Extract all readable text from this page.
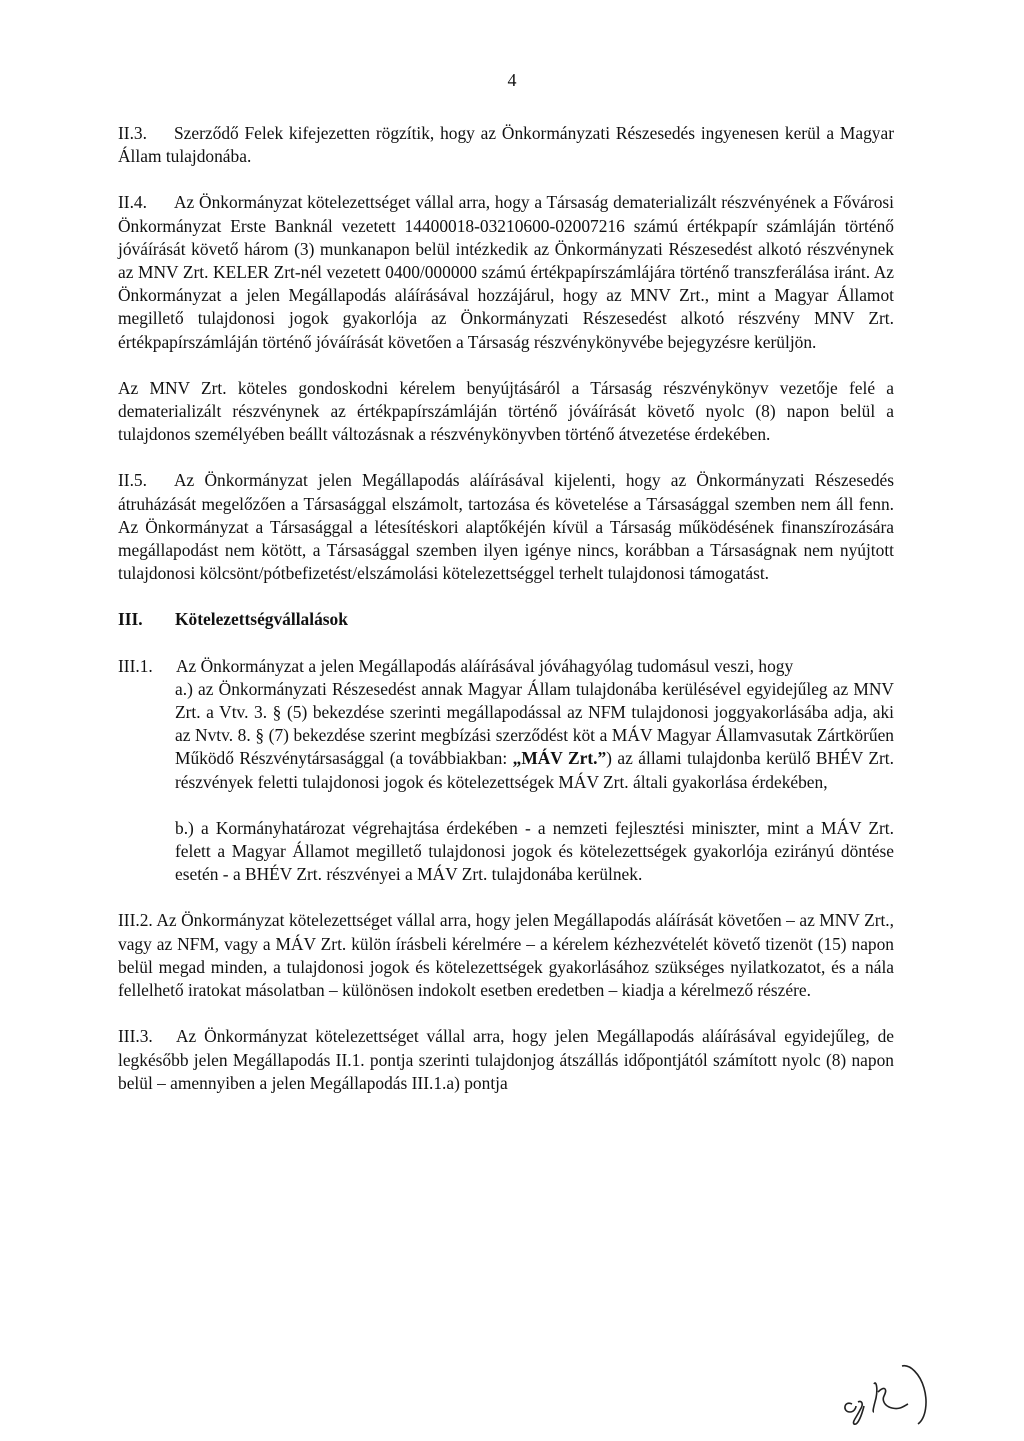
4

II.3. Szerződő Felek kifejezetten rögzítik, hogy az Önkormányzati Részesedés ingyenesen kerül a Magyar Állam tulajdonába.

II.4. Az Önkormányzat kötelezettséget vállal arra, hogy a Társaság dematerializált részvényének a Fővárosi Önkormányzat Erste Banknál vezetett 14400018-03210600-02007216 számú értékpapír számláján történő jóváírását követő három (3) munkanapon belül intézkedik az Önkormányzati Részesedést alkotó részvénynek az MNV Zrt. KELER Zrt-nél vezetett 0400/000000 számú értékpapírszámlájára történő transzferálása iránt. Az Önkormányzat a jelen Megállapodás aláírásával hozzájárul, hogy az MNV Zrt., mint a Magyar Államot megillető tulajdonosi jogok gyakorlója az Önkormányzati Részesedést alkotó részvény MNV Zrt. értékpapírszámláján történő jóváírását követően a Társaság részvénykönyvébe bejegyzésre kerüljön.

Az MNV Zrt. köteles gondoskodni kérelem benyújtásáról a Társaság részvénykönyv vezetője felé a dematerializált részvénynek az értékpapírszámláján történő jóváírását követő nyolc (8) napon belül a tulajdonos személyében beállt változásnak a részvénykönyvben történő átvezetése érdekében.

II.5. Az Önkormányzat jelen Megállapodás aláírásával kijelenti, hogy az Önkormányzati Részesedés átruházását megelőzően a Társasággal elszámolt, tartozása és követelése a Társasággal szemben nem áll fenn. Az Önkormányzat a Társasággal a létesítéskori alaptőkéjén kívül a Társaság működésének finanszírozására megállapodást nem kötött, a Társasággal szemben ilyen igénye nincs, korábban a Társaságnak nem nyújtott tulajdonosi kölcsönt/pótbefizetést/elszámolási kötelezettséggel terhelt tulajdonosi támogatást.

III. Kötelezettségvállalások

III.1. Az Önkormányzat a jelen Megállapodás aláírásával jóváhagyólag tudomásul veszi, hogy

a.) az Önkormányzati Részesedést annak Magyar Állam tulajdonába kerülésével egyidejűleg az MNV Zrt. a Vtv. 3. § (5) bekezdése szerinti megállapodással az NFM tulajdonosi joggyakorlásába adja, aki az Nvtv. 8. § (7) bekezdése szerint megbízási szerződést köt a MÁV Magyar Államvasutak Zártkörűen Működő Részvénytársasággal (a továbbiakban: „MÁV Zrt.”) az állami tulajdonba kerülő BHÉV Zrt. részvények feletti tulajdonosi jogok és kötelezettségek MÁV Zrt. általi gyakorlása érdekében,

b.) a Kormányhatározat végrehajtása érdekében - a nemzeti fejlesztési miniszter, mint a MÁV Zrt. felett a Magyar Államot megillető tulajdonosi jogok és kötelezettségek gyakorlója ezirányú döntése esetén - a BHÉV Zrt. részvényei a MÁV Zrt. tulajdonába kerülnek.

III.2. Az Önkormányzat kötelezettséget vállal arra, hogy jelen Megállapodás aláírását követően – az MNV Zrt., vagy az NFM, vagy a MÁV Zrt. külön írásbeli kérelmére – a kérelem kézhezvételét követő tizenöt (15) napon belül megad minden, a tulajdonosi jogok és kötelezettségek gyakorlásához szükséges nyilatkozatot, és a nála fellelhető iratokat másolatban – különösen indokolt esetben eredetben – kiadja a kérelmező részére.

III.3. Az Önkormányzat kötelezettséget vállal arra, hogy jelen Megállapodás aláírásával egyidejűleg, de legkésőbb jelen Megállapodás II.1. pontja szerinti tulajdonjog átszállás időpontjától számított nyolc (8) napon belül – amennyiben a jelen Megállapodás III.1.a) pontja
